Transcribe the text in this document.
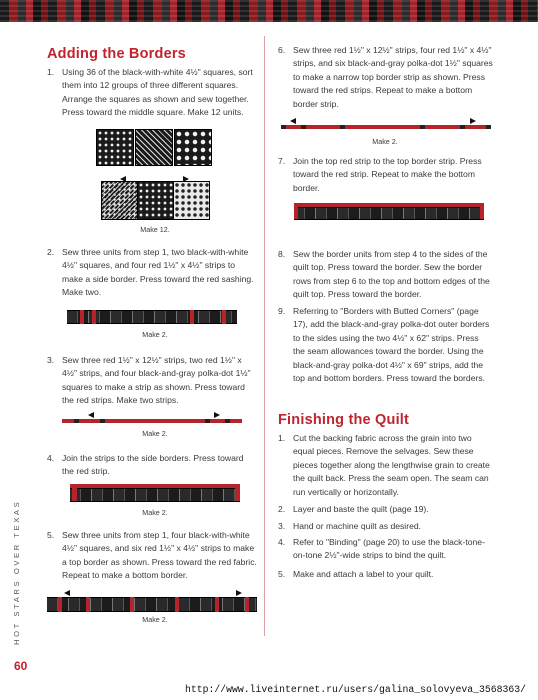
Adding the Borders
1. Using 36 of the black-with-white 4½" squares, sort them into 12 groups of three different squares. Arrange the squares as shown and sew together. Press toward the middle square. Make 12 units.
Make 12.
2. Sew three units from step 1, two black-with-white 4½" squares, and four red 1½" x 4½" strips to make a side border. Press toward the red sashing. Make two.
Make 2.
3. Sew three red 1½" x 12½" strips, two red 1½" x 4½" strips, and four black-and-gray polka-dot 1½" squares to make a strip as shown. Press toward the red strips. Make two strips.
Make 2.
4. Join the strips to the side borders. Press toward the red strip.
Make 2.
5. Sew three units from step 1, four black-with-white 4½" squares, and six red 1½" x 4½" strips to make a top border as shown. Press toward the red fabric. Repeat to make a bottom border.
Make 2.
6. Sew three red 1½" x 12½" strips, four red 1½" x 4½" strips, and six black-and-gray polka-dot 1½" squares to make a narrow top border strip as shown. Press toward the red strips. Repeat to make a bottom border strip.
Make 2.
7. Join the top red strip to the top border strip. Press toward the red strip. Repeat to make the bottom border.
8. Sew the border units from step 4 to the sides of the quilt top. Press toward the border. Sew the border rows from step 6 to the top and bottom edges of the quilt top. Press toward the border.
9. Referring to "Borders with Butted Corners" (page 17), add the black-and-gray polka-dot outer borders to the sides using the two 4½" x 62" strips. Press the seam allowances toward the border. Using the black-and-gray polka-dot 4½" x 69" strips, add the top and bottom borders. Press toward the borders.
Finishing the Quilt
1. Cut the backing fabric across the grain into two equal pieces. Remove the selvages. Sew these pieces together along the lengthwise grain to create the quilt back. Press the seam open. The seam can run vertically or horizontally.
2. Layer and baste the quilt (page 19).
3. Hand or machine quilt as desired.
4. Refer to "Binding" (page 20) to use the black-tone-on-tone 2½"-wide strips to bind the quilt.
5. Make and attach a label to your quilt.
HOT STARS OVER TEXAS
60
http://www.liveinternet.ru/users/galina_solovyeva_3568363/
